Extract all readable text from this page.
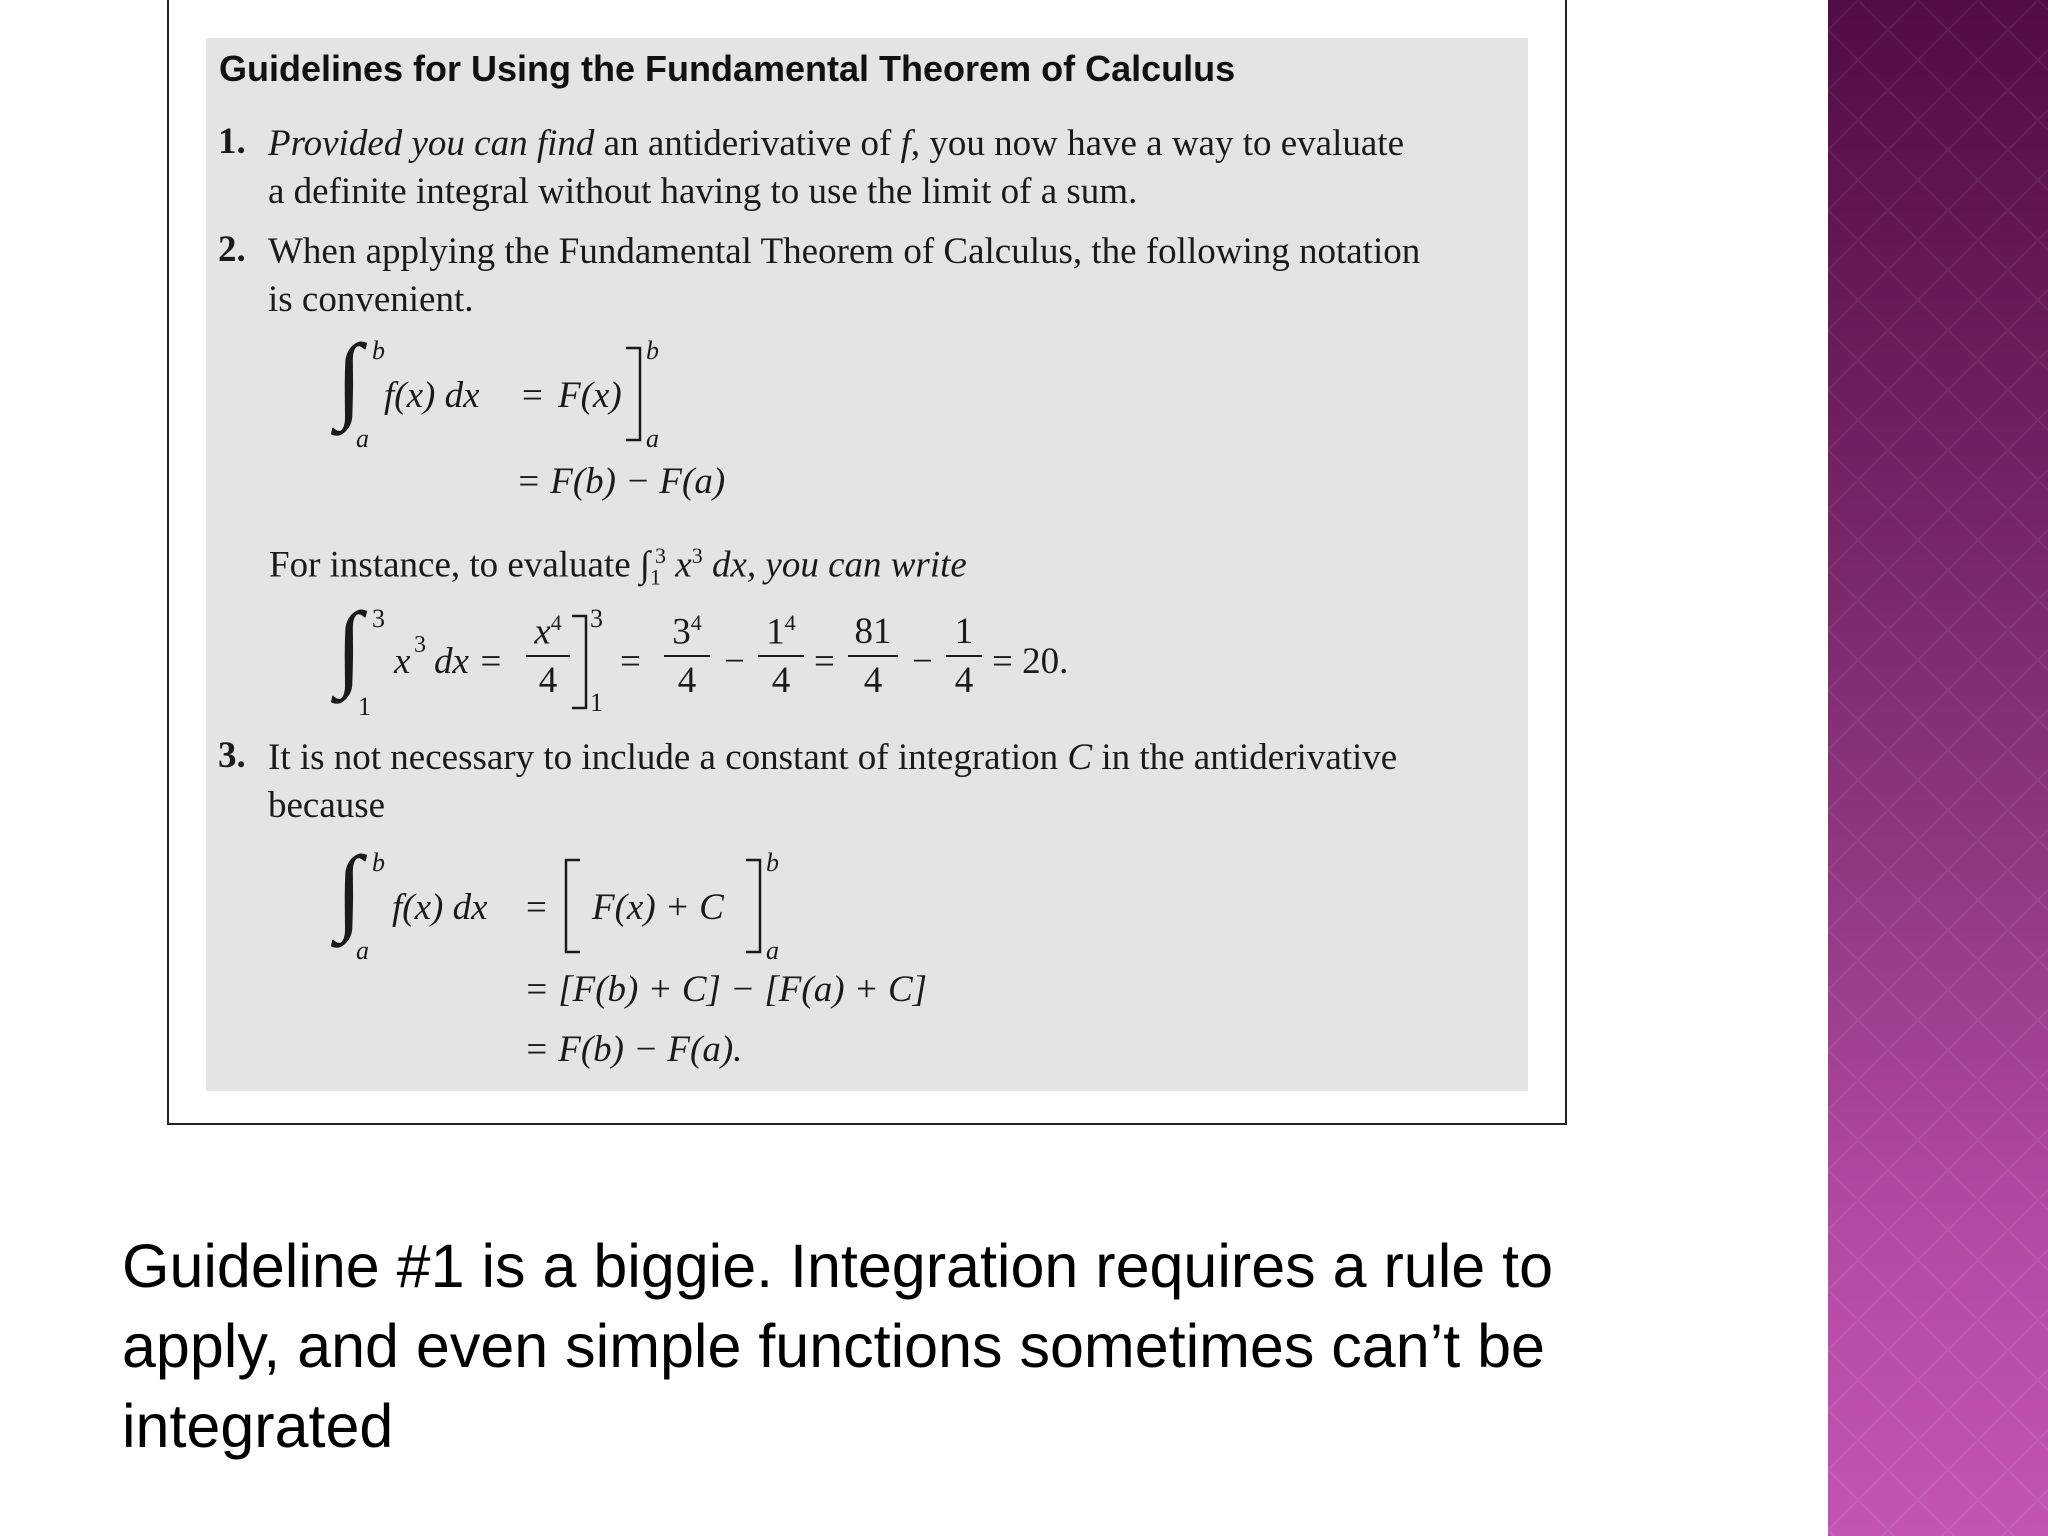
Guidelines for Using the Fundamental Theorem of Calculus
1. Provided you can find an antiderivative of f, you now have a way to evaluate

a definite integral without having to use the limit of a sum.

2. When applying the Fundamental Theorem of Calculus, the following notation

is convenient.

∫ b
a
f(x) dx = F(x)
b
a
= F(b) − F(a)

For instance, to evaluate $\int_1^3$ $x^3$ dx, you can write

∫ 3
1
x 3 dx =
$x^4$
4
3
1
=
$3^4$
4 −
$1^4$
4 =
81
4 −
1
4 = 20.
3. It is not necessary to include a constant of integration C in the antiderivative

because

∫ b
a
f(x) dx = F(x) + C
b
a
= [F(b) + C] − [F(a) + C]
= F(b) − F(a).

Guideline #1 is a biggie. Integration requires a rule to
apply, and even simple functions sometimes can’t be
integrated
